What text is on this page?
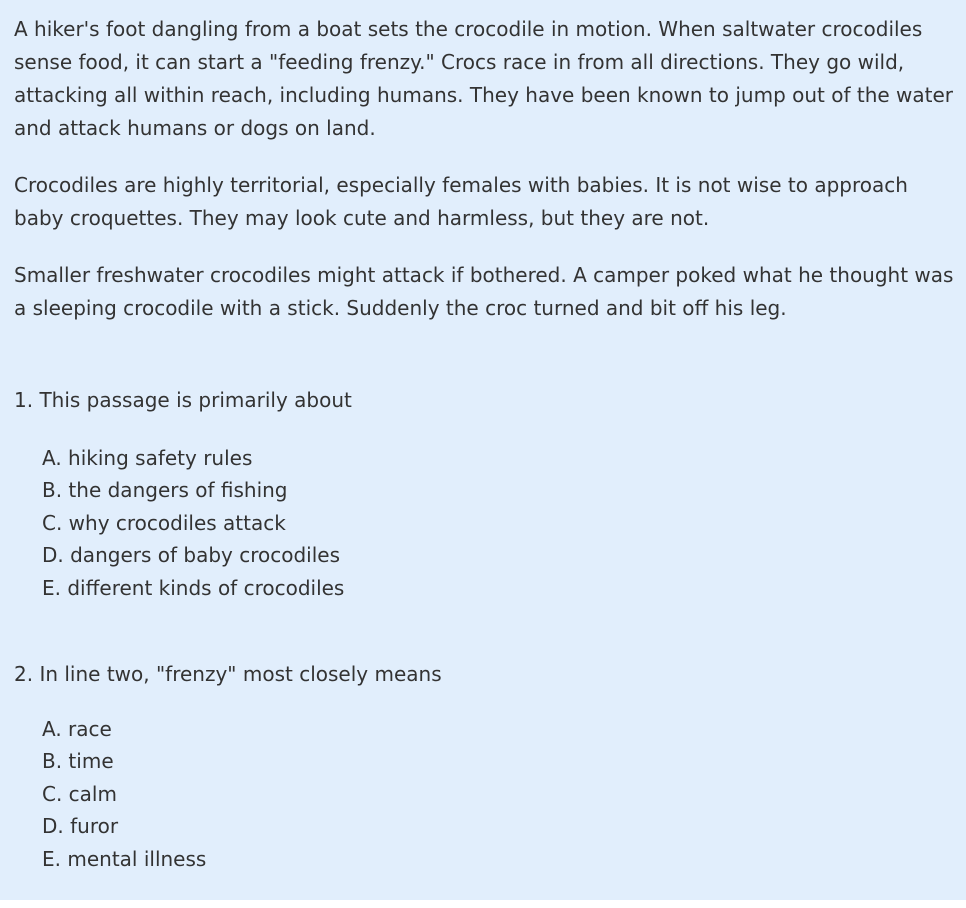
A hiker's foot dangling from a boat sets the crocodile in motion. When saltwater crocodiles

sense food, it can start a "feeding frenzy." Crocs race in from all directions. They go wild,

attacking all within reach, including humans. They have been known to jump out of the water

and attack humans or dogs on land.

Crocodiles are highly territorial, especially females with babies. It is not wise to approach

baby croquettes. They may look cute and harmless, but they are not.

Smaller freshwater crocodiles might attack if bothered. A camper poked what he thought was

a sleeping crocodile with a stick. Suddenly the croc turned and bit off his leg.

1. This passage is primarily about

A. hiking safety rules
B. the dangers of fishing
C. why crocodiles attack
D. dangers of baby crocodiles
E. different kinds of crocodiles

2. In line two, "frenzy" most closely means

A. race
B. time
C. calm
D. furor
E. mental illness
